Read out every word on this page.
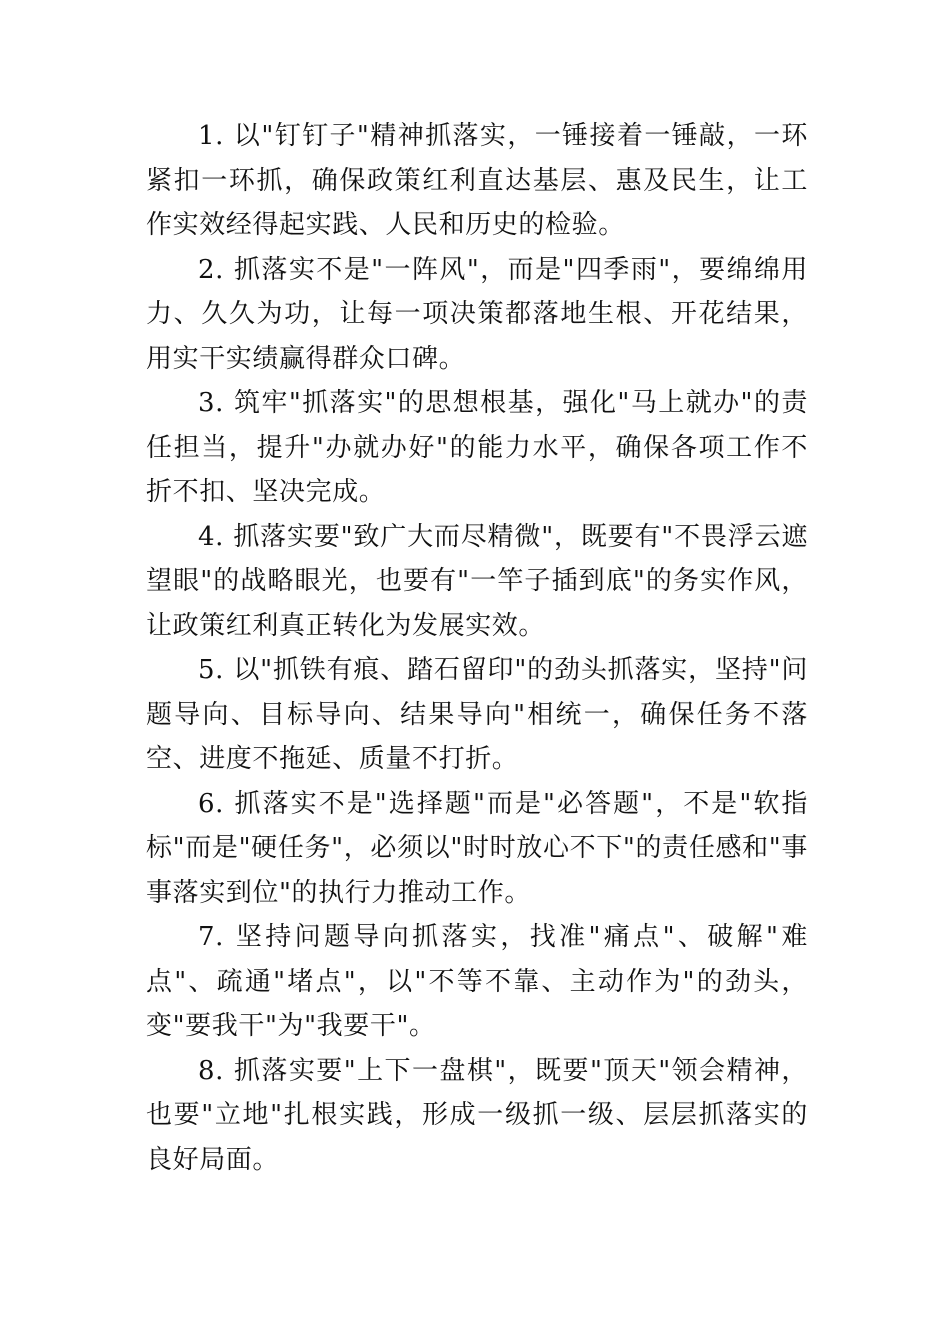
1. 以"钉钉子"精神抓落实，一锤接着一锤敲，一环紧扣一环抓，确保政策红利直达基层、惠及民生，让工作实效经得起实践、人民和历史的检验。

2. 抓落实不是"一阵风"，而是"四季雨"，要绵绵用力、久久为功，让每一项决策都落地生根、开花结果，用实干实绩赢得群众口碑。

3. 筑牢"抓落实"的思想根基，强化"马上就办"的责任担当，提升"办就办好"的能力水平，确保各项工作不折不扣、坚决完成。

4. 抓落实要"致广大而尽精微"，既要有"不畏浮云遮望眼"的战略眼光，也要有"一竿子插到底"的务实作风，让政策红利真正转化为发展实效。

5. 以"抓铁有痕、踏石留印"的劲头抓落实，坚持"问题导向、目标导向、结果导向"相统一，确保任务不落空、进度不拖延、质量不打折。

6. 抓落实不是"选择题"而是"必答题"，不是"软指标"而是"硬任务"，必须以"时时放心不下"的责任感和"事事落实到位"的执行力推动工作。

7. 坚持问题导向抓落实，找准"痛点"、破解"难点"、疏通"堵点"，以"不等不靠、主动作为"的劲头，变"要我干"为"我要干"。

8. 抓落实要"上下一盘棋"，既要"顶天"领会精神，也要"立地"扎根实践，形成一级抓一级、层层抓落实的良好局面。
